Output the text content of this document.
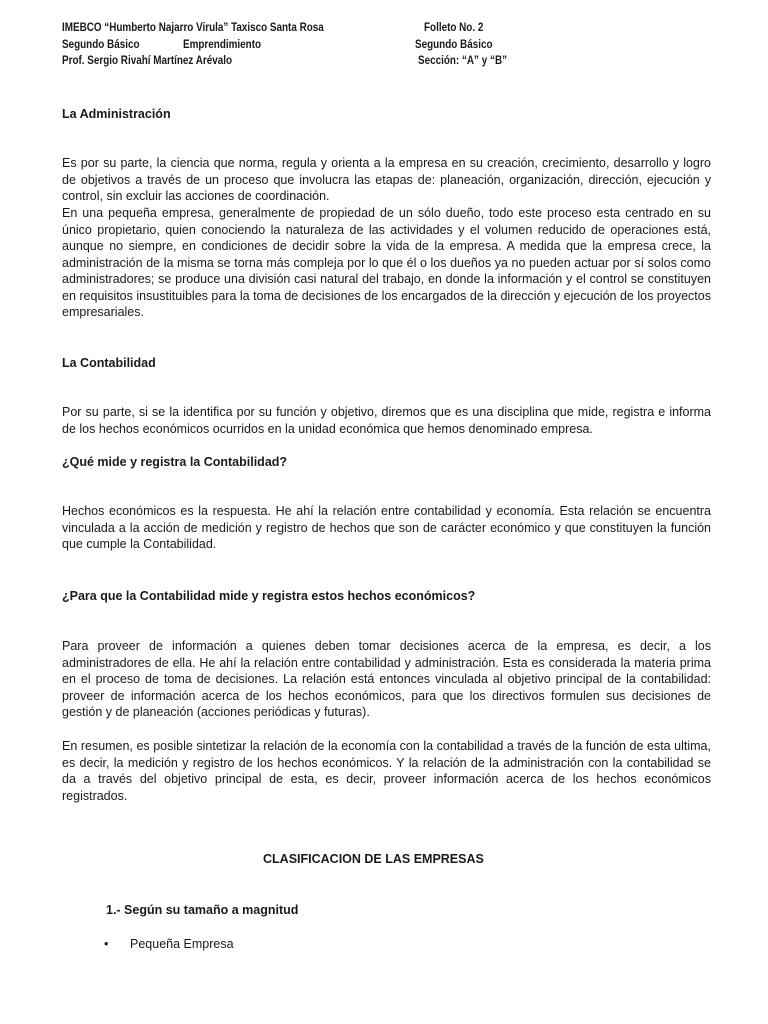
IMEBCO “Humberto Najarro Virula” Taxisco Santa Rosa
Segundo Básico	Emprendimiento
Prof. Sergio Rivahí Martínez Arévalo
Folleto No. 2
Segundo Básico
Sección: “A” y “B”
La Administración

Es por su parte, la ciencia que norma, regula y orienta a la empresa en su creación, crecimiento, desarrollo y logro de objetivos a través de un proceso que involucra las etapas de: planeación, organización, dirección, ejecución y control, sin excluir las acciones de coordinación.

En una pequeña empresa, generalmente de propiedad de un sólo dueño, todo este proceso esta centrado en su único propietario, quien conociendo la naturaleza de las actividades y el volumen reducido de operaciones está, aunque no siempre, en condiciones de decidir sobre la vida de la empresa. A medida que la empresa crece, la administración de la misma se torna más compleja por lo que él o los dueños ya no pueden actuar por sí solos como administradores; se produce una división casi natural del trabajo, en donde la información y el control se constituyen en requisitos insustituibles para la toma de decisiones de los encargados de la dirección y ejecución de los proyectos empresariales.

La Contabilidad

Por su parte, si se la identifica por su función y objetivo, diremos que es una disciplina que mide, registra e informa de los hechos económicos ocurridos en la unidad económica que hemos denominado empresa.

¿Qué mide y registra la Contabilidad?

Hechos económicos es la respuesta. He ahí la relación entre contabilidad y economía. Esta relación se encuentra vinculada a la acción de medición y registro de hechos que son de carácter económico y que constituyen la función que cumple la Contabilidad.

¿Para que la Contabilidad mide y registra estos hechos económicos?

Para proveer de información a quienes deben tomar decisiones acerca de la empresa, es decir, a los administradores de ella. He ahí la relación entre contabilidad y administración. Esta es considerada la materia prima en el proceso de toma de decisiones. La relación está entonces vinculada al objetivo principal de la contabilidad: proveer de información acerca de los hechos económicos, para que los directivos formulen sus decisiones de gestión y de planeación (acciones periódicas y futuras).

En resumen, es posible sintetizar la relación de la economía con la contabilidad a través de la función de esta ultima, es decir, la medición y registro de los hechos económicos. Y la relación de la administración con la contabilidad se da a través del objetivo principal de esta, es decir, proveer información acerca de los hechos económicos registrados.

CLASIFICACION DE LAS EMPRESAS
1.- Según su tamaño a magnitud
• Pequeña Empresa
